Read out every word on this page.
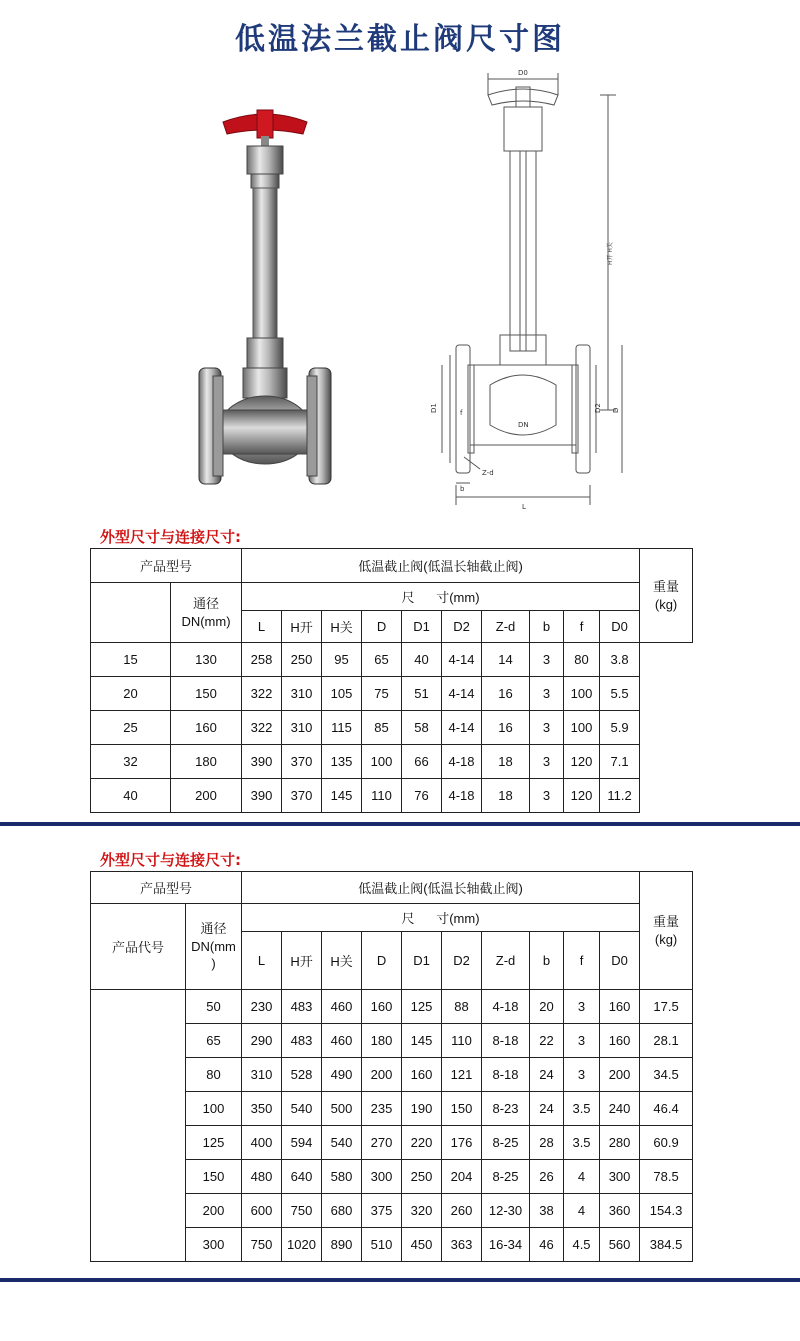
低温法兰截止阀尺寸图
D0
H开 H关
D1	D
D2
DN
f
Z-d
b
L
外型尺寸与连接尺寸:
产品型号		低温截止阀(低温长轴截止阀)										重量
(kg)

	通径
DN(mm)	尺      寸(mm)										
		L	H开	H关	D	D1	D2	Z-d	b	f	D0	
15	130	258	250	95	65	40	4-14	14	3	80	3.8	
20	150	322	310	105	75	51	4-14	16	3	100	5.5	
25	160	322	310	115	85	58	4-14	16	3	100	5.9	
32	180	390	370	135	100	66	4-18	18	3	120	7.1	
40	200	390	370	145	110	76	4-18	18	3	120	11.2	
外型尺寸与连接尺寸:
产品型号		低温截止阀(低温长轴截止阀)										重量
(kg)

产品代号	通径
DN(mm
)	尺      寸(mm)										
		L	H开	H关	D	D1	D2	Z-d	b	f	D0	
	50	230	483	460	160	125	88	4-18	20	3	160	17.5
	65	290	483	460	180	145	110	8-18	22	3	160	28.1
	80	310	528	490	200	160	121	8-18	24	3	200	34.5
	100	350	540	500	235	190	150	8-23	24	3.5	240	46.4
	125	400	594	540	270	220	176	8-25	28	3.5	280	60.9
	150	480	640	580	300	250	204	8-25	26	4	300	78.5
	200	600	750	680	375	320	260	12-30	38	4	360	154.3
	300	750	1020	890	510	450	363	16-34	46	4.5	560	384.5
